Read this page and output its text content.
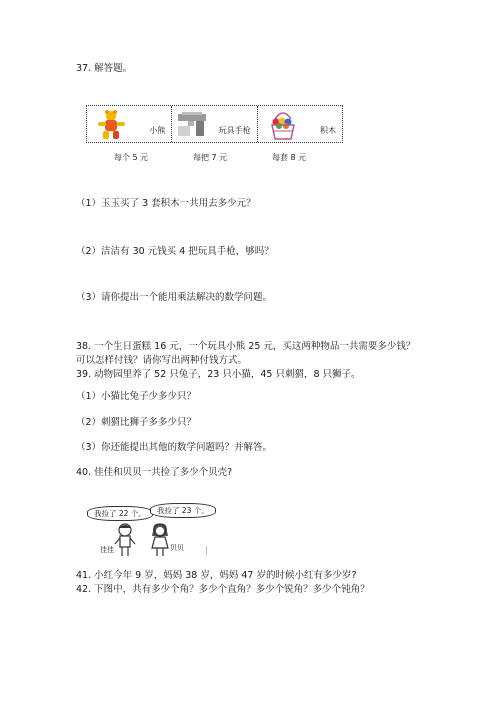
37. 解答题。
小熊	玩具手枪	积木
每个 5 元	每把 7 元	每套 8 元
（1）玉玉买了 3 套积木一共用去多少元？
（2）洁洁有 30 元钱买 4 把玩具手枪，够吗？
（3）请你提出一个能用乘法解决的数学问题。
38. 一个生日蛋糕 16 元，一个玩具小熊 25 元，买这两种物品一共需要多少钱？
可以怎样付钱？请你写出两种付钱方式。
39. 动物园里养了 52 只兔子，23 只小猫，45 只刺猬，8 只狮子。
（1）小猫比兔子少多少只？
（2）刺猬比狮子多多少只？
（3）你还能提出其他的数学问题吗？并解答。
40. 佳佳和贝贝一共捡了多少个贝壳?
我捡了 22 个。	我捡了 23 个。
佳佳	贝贝
41. 小红今年 9 岁，妈妈 38 岁，妈妈 47 岁的时候小红有多少岁?
42. 下图中，共有多少个角？多少个直角？多少个锐角？多少个钝角？
